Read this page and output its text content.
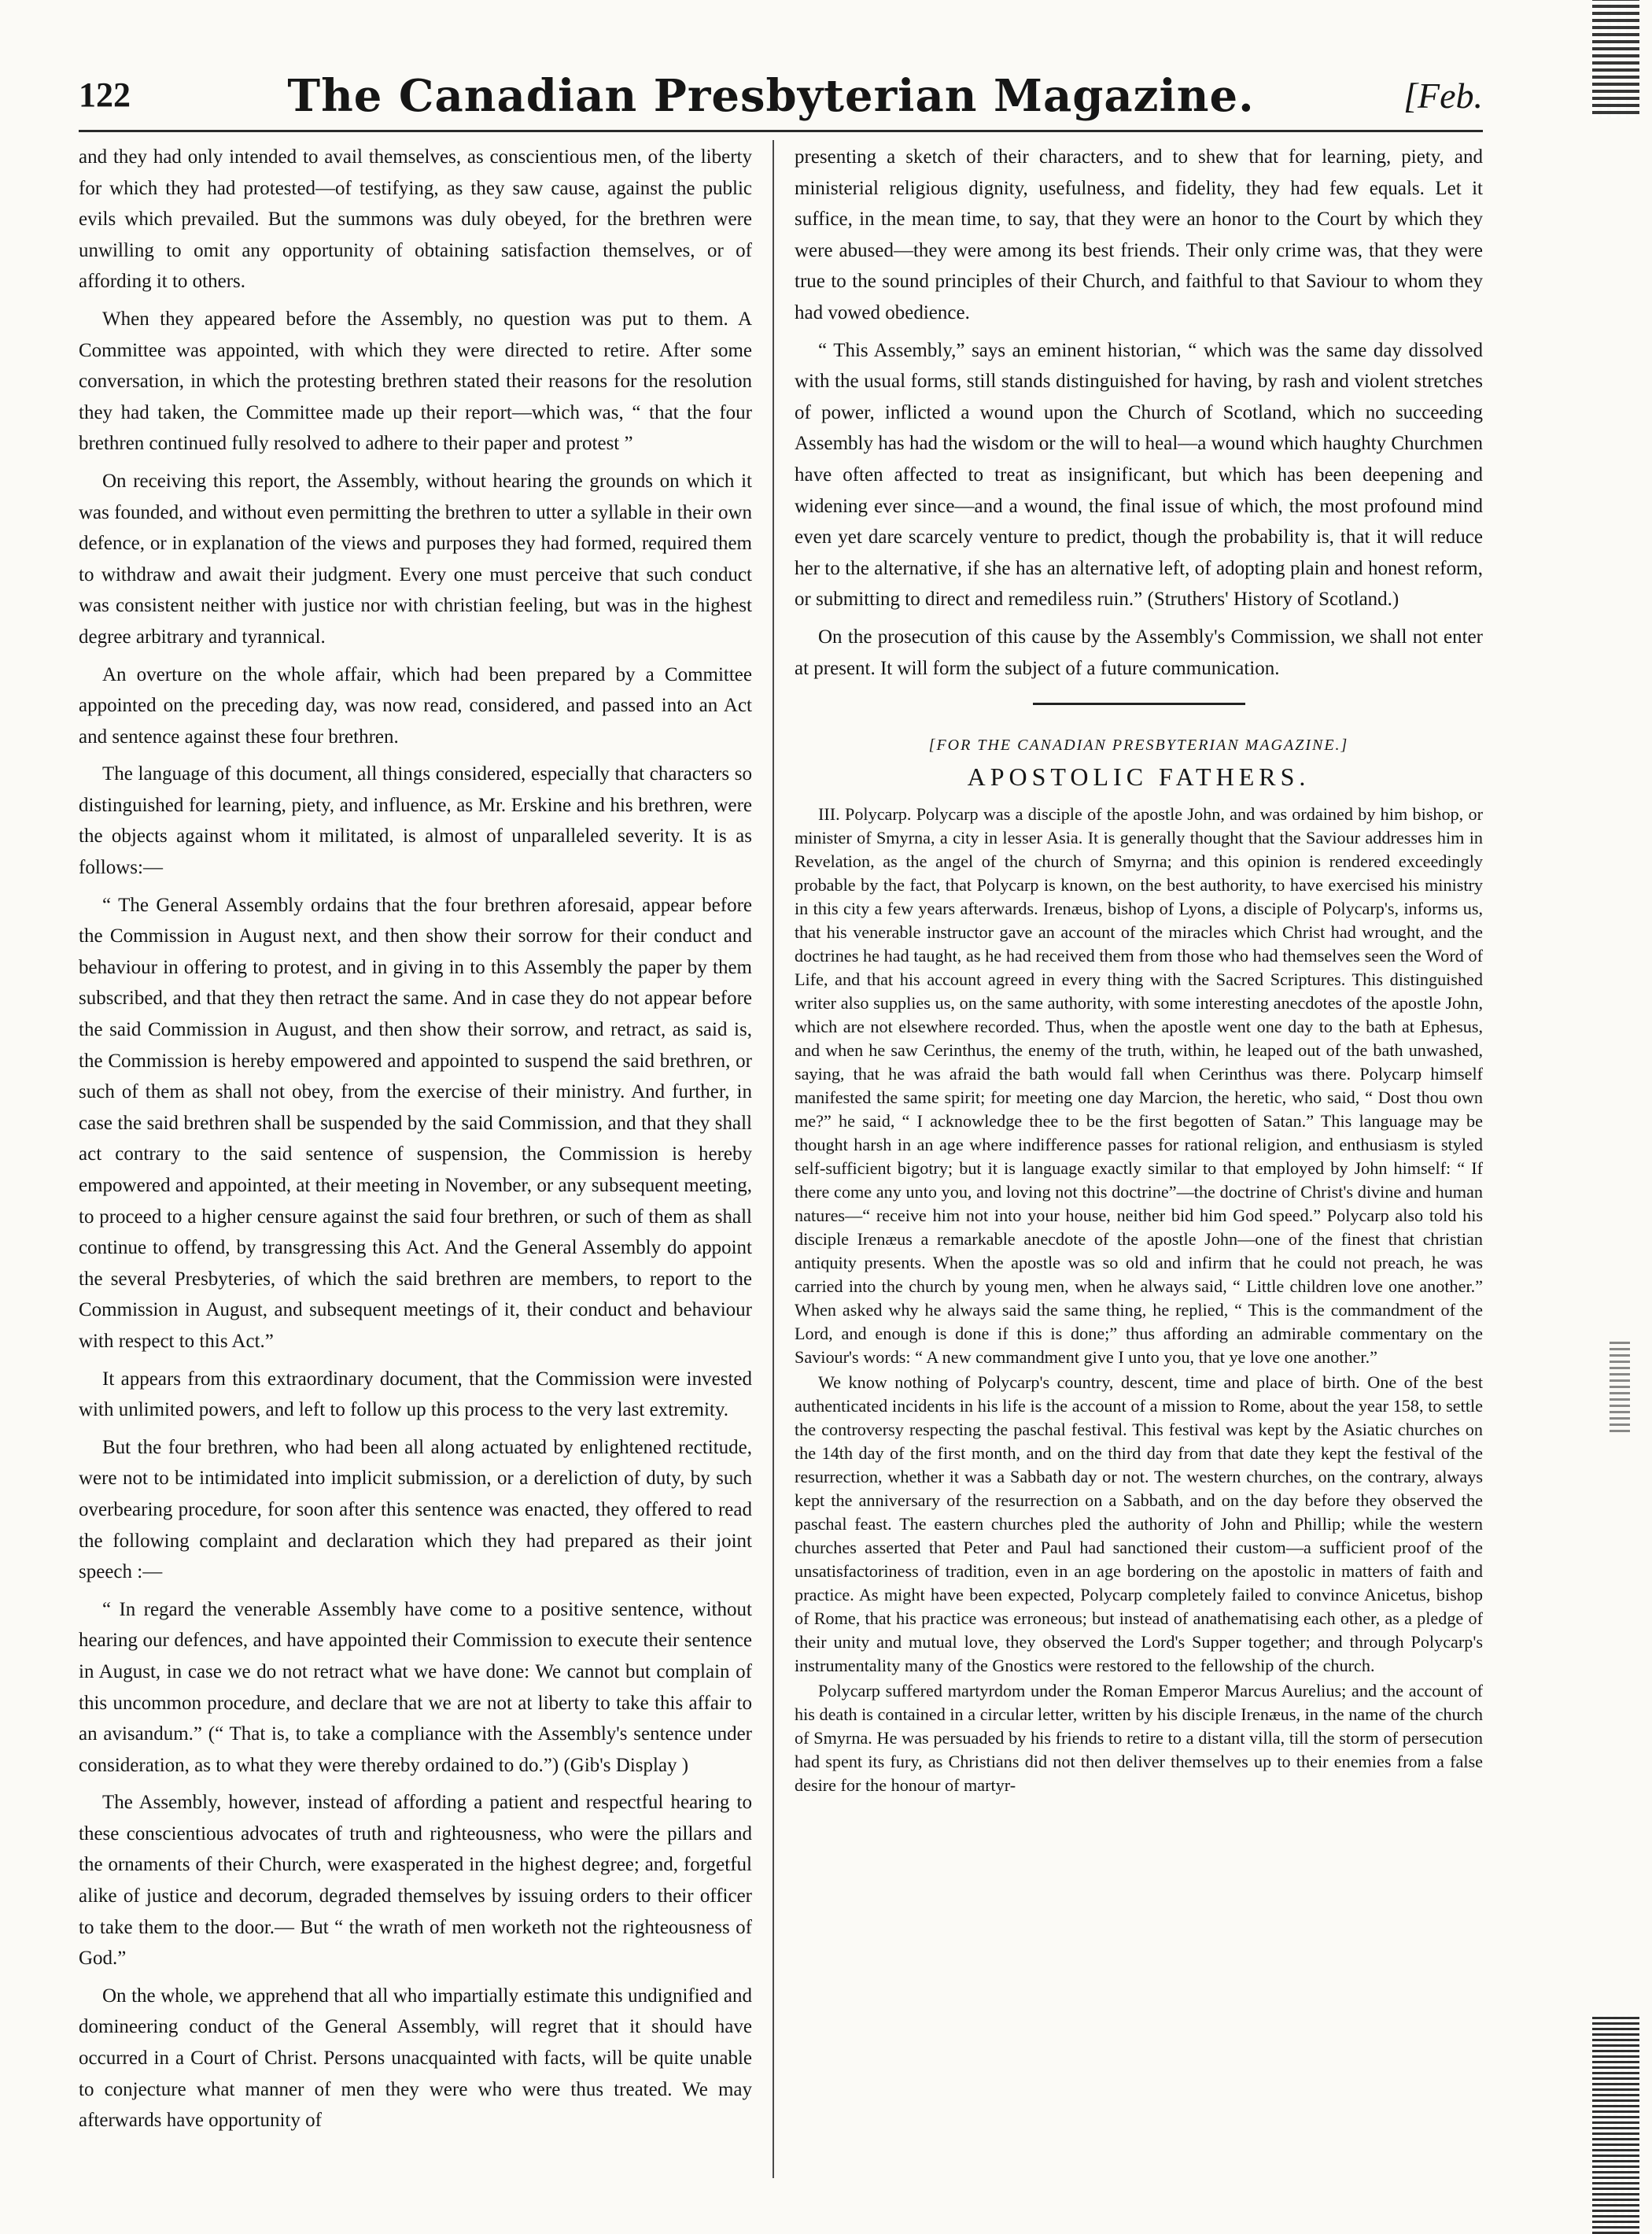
122	The Canadian Presbyterian Magazine.	[Feb.

and they had only intended to avail themselves, as conscientious men, of the liberty for which they had protested—of testifying, as they saw cause, against the public evils which prevailed. But the summons was duly obeyed, for the brethren were unwilling to omit any opportunity of obtaining satisfaction themselves, or of affording it to others.

When they appeared before the Assembly, no question was put to them. A Committee was appointed, with which they were directed to retire. After some conversation, in which the protesting brethren stated their reasons for the resolution they had taken, the Committee made up their report—which was, “ that the four brethren continued fully resolved to adhere to their paper and protest ”

On receiving this report, the Assembly, without hearing the grounds on which it was founded, and without even permitting the brethren to utter a syllable in their own defence, or in explanation of the views and purposes they had formed, required them to withdraw and await their judgment. Every one must perceive that such conduct was consistent neither with justice nor with christian feeling, but was in the highest degree arbitrary and tyrannical.

An overture on the whole affair, which had been prepared by a Committee appointed on the preceding day, was now read, considered, and passed into an Act and sentence against these four brethren.

The language of this document, all things considered, especially that characters so distinguished for learning, piety, and influence, as Mr. Erskine and his brethren, were the objects against whom it militated, is almost of unparalleled severity. It is as follows:—

“ The General Assembly ordains that the four brethren aforesaid, appear before the Commission in August next, and then show their sorrow for their conduct and behaviour in offering to protest, and in giving in to this Assembly the paper by them subscribed, and that they then retract the same. And in case they do not appear before the said Commission in August, and then show their sorrow, and retract, as said is, the Commission is hereby empowered and appointed to suspend the said brethren, or such of them as shall not obey, from the exercise of their ministry. And further, in case the said brethren shall be suspended by the said Commission, and that they shall act contrary to the said sentence of suspension, the Commission is hereby empowered and appointed, at their meeting in November, or any subsequent meeting, to proceed to a higher censure against the said four brethren, or such of them as shall continue to offend, by transgressing this Act. And the General Assembly do appoint the several Presbyteries, of which the said brethren are members, to report to the Commission in August, and subsequent meetings of it, their conduct and behaviour with respect to this Act.”

It appears from this extraordinary document, that the Commission were invested with unlimited powers, and left to follow up this process to the very last extremity.

But the four brethren, who had been all along actuated by enlightened rectitude, were not to be intimidated into implicit submission, or a dereliction of duty, by such overbearing procedure, for soon after this sentence was enacted, they offered to read the following complaint and declaration which they had prepared as their joint speech :—

“ In regard the venerable Assembly have come to a positive sentence, without hearing our defences, and have appointed their Commission to execute their sentence in August, in case we do not retract what we have done: We cannot but complain of this uncommon procedure, and declare that we are not at liberty to take this affair to an avisandum.” (“ That is, to take a compliance with the Assembly's sentence under consideration, as to what they were thereby ordained to do.”) (Gib's Display )

The Assembly, however, instead of affording a patient and respectful hearing to these conscientious advocates of truth and righteousness, who were the pillars and the ornaments of their Church, were exasperated in the highest degree; and, forgetful alike of justice and decorum, degraded themselves by issuing orders to their officer to take them to the door.— But “ the wrath of men worketh not the righteousness of God.”

On the whole, we apprehend that all who impartially estimate this undignified and domineering conduct of the General Assembly, will regret that it should have occurred in a Court of Christ. Persons unacquainted with facts, will be quite unable to conjecture what manner of men they were who were thus treated. We may afterwards have opportunity of

presenting a sketch of their characters, and to shew that for learning, piety, and ministerial religious dignity, usefulness, and fidelity, they had few equals. Let it suffice, in the mean time, to say, that they were an honor to the Court by which they were abused—they were among its best friends. Their only crime was, that they were true to the sound principles of their Church, and faithful to that Saviour to whom they had vowed obedience.

“ This Assembly,” says an eminent historian, “ which was the same day dissolved with the usual forms, still stands distinguished for having, by rash and violent stretches of power, inflicted a wound upon the Church of Scotland, which no succeeding Assembly has had the wisdom or the will to heal—a wound which haughty Churchmen have often affected to treat as insignificant, but which has been deepening and widening ever since—and a wound, the final issue of which, the most profound mind even yet dare scarcely venture to predict, though the probability is, that it will reduce her to the alternative, if she has an alternative left, of adopting plain and honest reform, or submitting to direct and remediless ruin.” (Struthers' History of Scotland.)

On the prosecution of this cause by the Assembly's Commission, we shall not enter at present. It will form the subject of a future communication.

[FOR THE CANADIAN PRESBYTERIAN MAGAZINE.]
APOSTOLIC FATHERS.

III. Polycarp. Polycarp was a disciple of the apostle John, and was ordained by him bishop, or minister of Smyrna, a city in lesser Asia. It is generally thought that the Saviour addresses him in Revelation, as the angel of the church of Smyrna; and this opinion is rendered exceedingly probable by the fact, that Polycarp is known, on the best authority, to have exercised his ministry in this city a few years afterwards. Irenæus, bishop of Lyons, a disciple of Polycarp's, informs us, that his venerable instructor gave an account of the miracles which Christ had wrought, and the doctrines he had taught, as he had received them from those who had themselves seen the Word of Life, and that his account agreed in every thing with the Sacred Scriptures. This distinguished writer also supplies us, on the same authority, with some interesting anecdotes of the apostle John, which are not elsewhere recorded. Thus, when the apostle went one day to the bath at Ephesus, and when he saw Cerinthus, the enemy of the truth, within, he leaped out of the bath unwashed, saying, that he was afraid the bath would fall when Cerinthus was there. Polycarp himself manifested the same spirit; for meeting one day Marcion, the heretic, who said, “ Dost thou own me?” he said, “ I acknowledge thee to be the first begotten of Satan.” This language may be thought harsh in an age where indifference passes for rational religion, and enthusiasm is styled self-sufficient bigotry; but it is language exactly similar to that employed by John himself: “ If there come any unto you, and loving not this doctrine”—the doctrine of Christ's divine and human natures—“ receive him not into your house, neither bid him God speed.” Polycarp also told his disciple Irenæus a remarkable anecdote of the apostle John—one of the finest that christian antiquity presents. When the apostle was so old and infirm that he could not preach, he was carried into the church by young men, when he always said, “ Little children love one another.” When asked why he always said the same thing, he replied, “ This is the commandment of the Lord, and enough is done if this is done;” thus affording an admirable commentary on the Saviour's words: “ A new commandment give I unto you, that ye love one another.”

We know nothing of Polycarp's country, descent, time and place of birth. One of the best authenticated incidents in his life is the account of a mission to Rome, about the year 158, to settle the controversy respecting the paschal festival. This festival was kept by the Asiatic churches on the 14th day of the first month, and on the third day from that date they kept the festival of the resurrection, whether it was a Sabbath day or not. The western churches, on the contrary, always kept the anniversary of the resurrection on a Sabbath, and on the day before they observed the paschal feast. The eastern churches pled the authority of John and Phillip; while the western churches asserted that Peter and Paul had sanctioned their custom—a sufficient proof of the unsatisfactoriness of tradition, even in an age bordering on the apostolic in matters of faith and practice. As might have been expected, Polycarp completely failed to convince Anicetus, bishop of Rome, that his practice was erroneous; but instead of anathematising each other, as a pledge of their unity and mutual love, they observed the Lord's Supper together; and through Polycarp's instrumentality many of the Gnostics were restored to the fellowship of the church.

Polycarp suffered martyrdom under the Roman Emperor Marcus Aurelius; and the account of his death is contained in a circular letter, written by his disciple Irenæus, in the name of the church of Smyrna. He was persuaded by his friends to retire to a distant villa, till the storm of persecution had spent its fury, as Christians did not then deliver themselves up to their enemies from a false desire for the honour of martyr-
